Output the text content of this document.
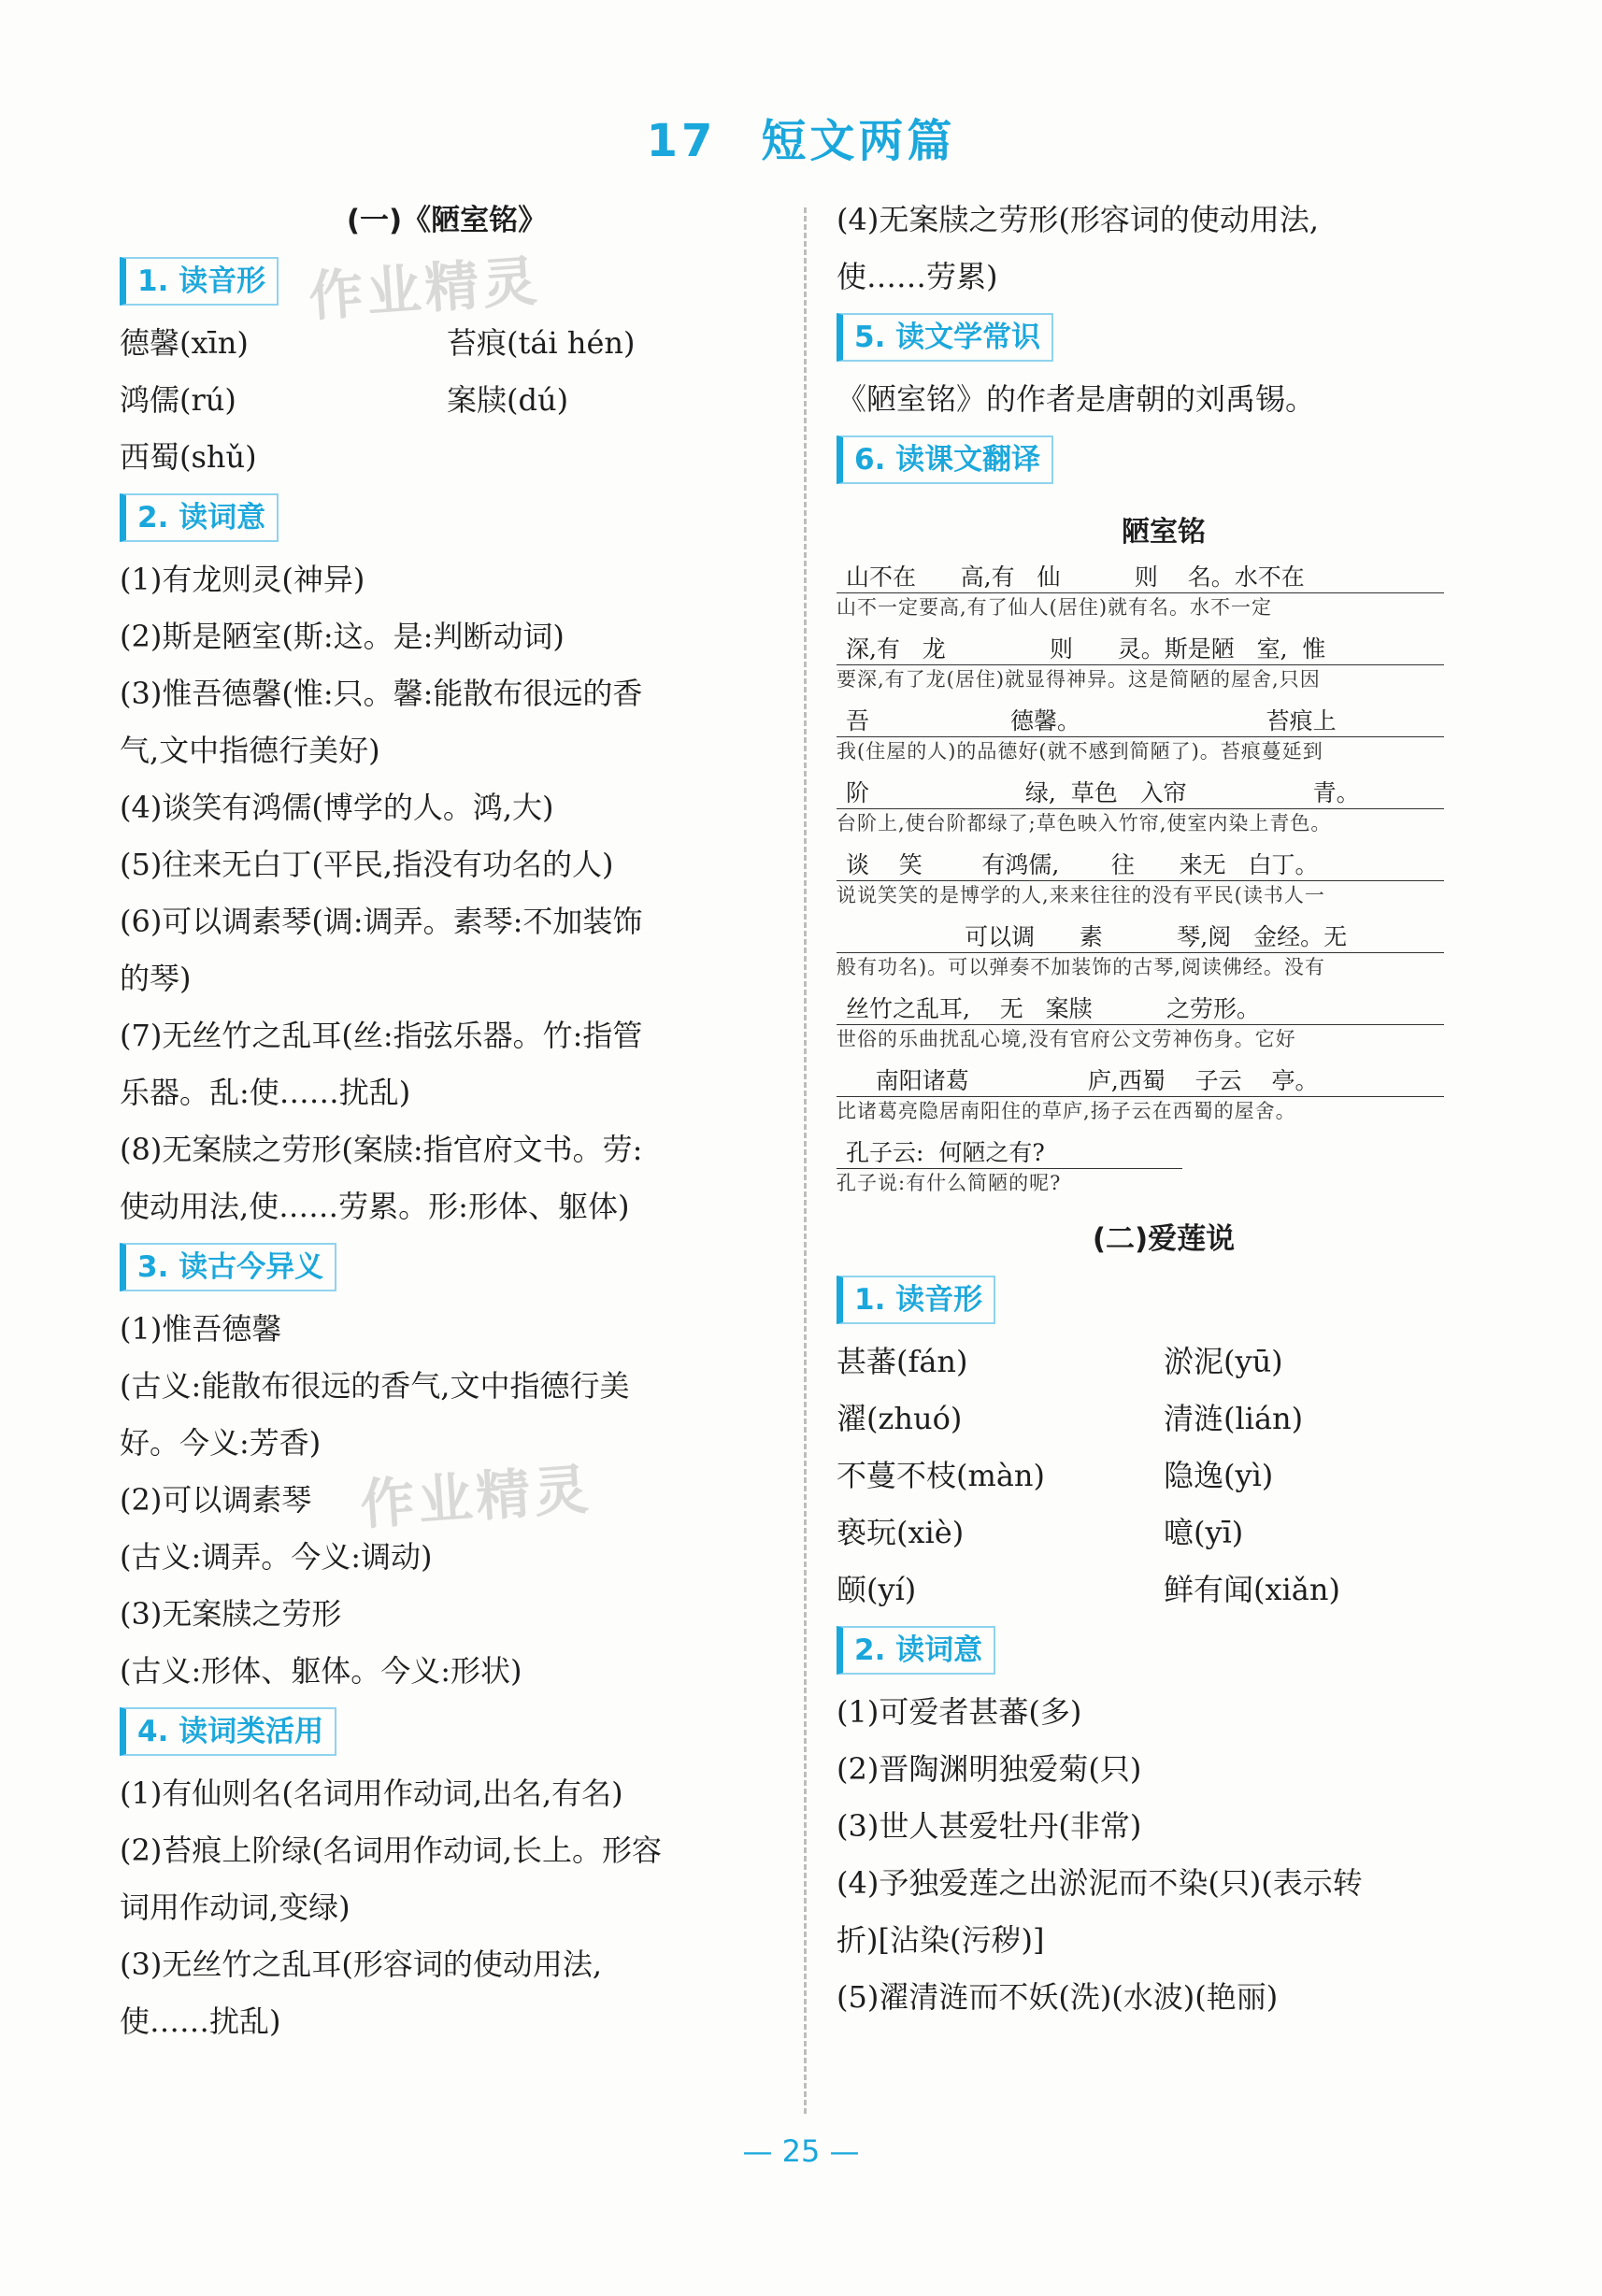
17 短文两篇
作业精灵
作业精灵
(一)《陋室铭》
1. 读音形
德馨(xīn)	苔痕(tái hén)
鸿儒(rú)	案牍(dú)
西蜀(shǔ)
2. 读词意
(1)有龙则灵(神异)
(2)斯是陋室(斯:这。是:判断动词)
(3)惟吾德馨(惟:只。馨:能散布很远的香
气,文中指德行美好)
(4)谈笑有鸿儒(博学的人。鸿,大)
(5)往来无白丁(平民,指没有功名的人)
(6)可以调素琴(调:调弄。素琴:不加装饰
的琴)
(7)无丝竹之乱耳(丝:指弦乐器。竹:指管
乐器。乱:使……扰乱)
(8)无案牍之劳形(案牍:指官府文书。劳:
使动用法,使……劳累。形:形体、躯体)
3. 读古今异义
(1)惟吾德馨
(古义:能散布很远的香气,文中指德行美
好。今义:芳香)
(2)可以调素琴
(古义:调弄。今义:调动)
(3)无案牍之劳形
(古义:形体、躯体。今义:形状)
4. 读词类活用
(1)有仙则名(名词用作动词,出名,有名)
(2)苔痕上阶绿(名词用作动词,长上。形容
词用作动词,变绿)
(3)无丝竹之乱耳(形容词的使动用法,
使……扰乱)
(4)无案牍之劳形(形容词的使动用法,
使……劳累)
5. 读文学常识
《陋室铭》的作者是唐朝的刘禹锡。
6. 读课文翻译
陋室铭
山不在      高,有   仙          则    名。水不在
山不一定要高,有了仙人(居住)就有名。水不一定
深,有   龙              则      灵。斯是陋   室,  惟
要深,有了龙(居住)就显得神异。这是简陋的屋舍,只因
吾                   德馨。                         苔痕上
我(住屋的人)的品德好(就不感到简陋了)。苔痕蔓延到
阶                     绿,  草色   入帘                 青。
台阶上,使台阶都绿了;草色映入竹帘,使室内染上青色。
谈    笑        有鸿儒,       往      来无   白丁。
说说笑笑的是博学的人,来来往往的没有平民(读书人一
可以调      素          琴,阅   金经。无
般有功名)。可以弹奏不加装饰的古琴,阅读佛经。没有
丝竹之乱耳,    无   案牍          之劳形。
世俗的乐曲扰乱心境,没有官府公文劳神伤身。它好
南阳诸葛                庐,西蜀    子云    亭。
比诸葛亮隐居南阳住的草庐,扬子云在西蜀的屋舍。
孔子云:  何陋之有?
孔子说:有什么简陋的呢?
(二)爱莲说
1. 读音形
甚蕃(fán)	淤泥(yū)
濯(zhuó)	清涟(lián)
不蔓不枝(màn)	隐逸(yì)
亵玩(xiè)	噫(yī)
颐(yí)	鲜有闻(xiǎn)
2. 读词意
(1)可爱者甚蕃(多)
(2)晋陶渊明独爱菊(只)
(3)世人甚爱牡丹(非常)
(4)予独爱莲之出淤泥而不染(只)(表示转
折)[沾染(污秽)]
(5)濯清涟而不妖(洗)(水波)(艳丽)
— 25 —
